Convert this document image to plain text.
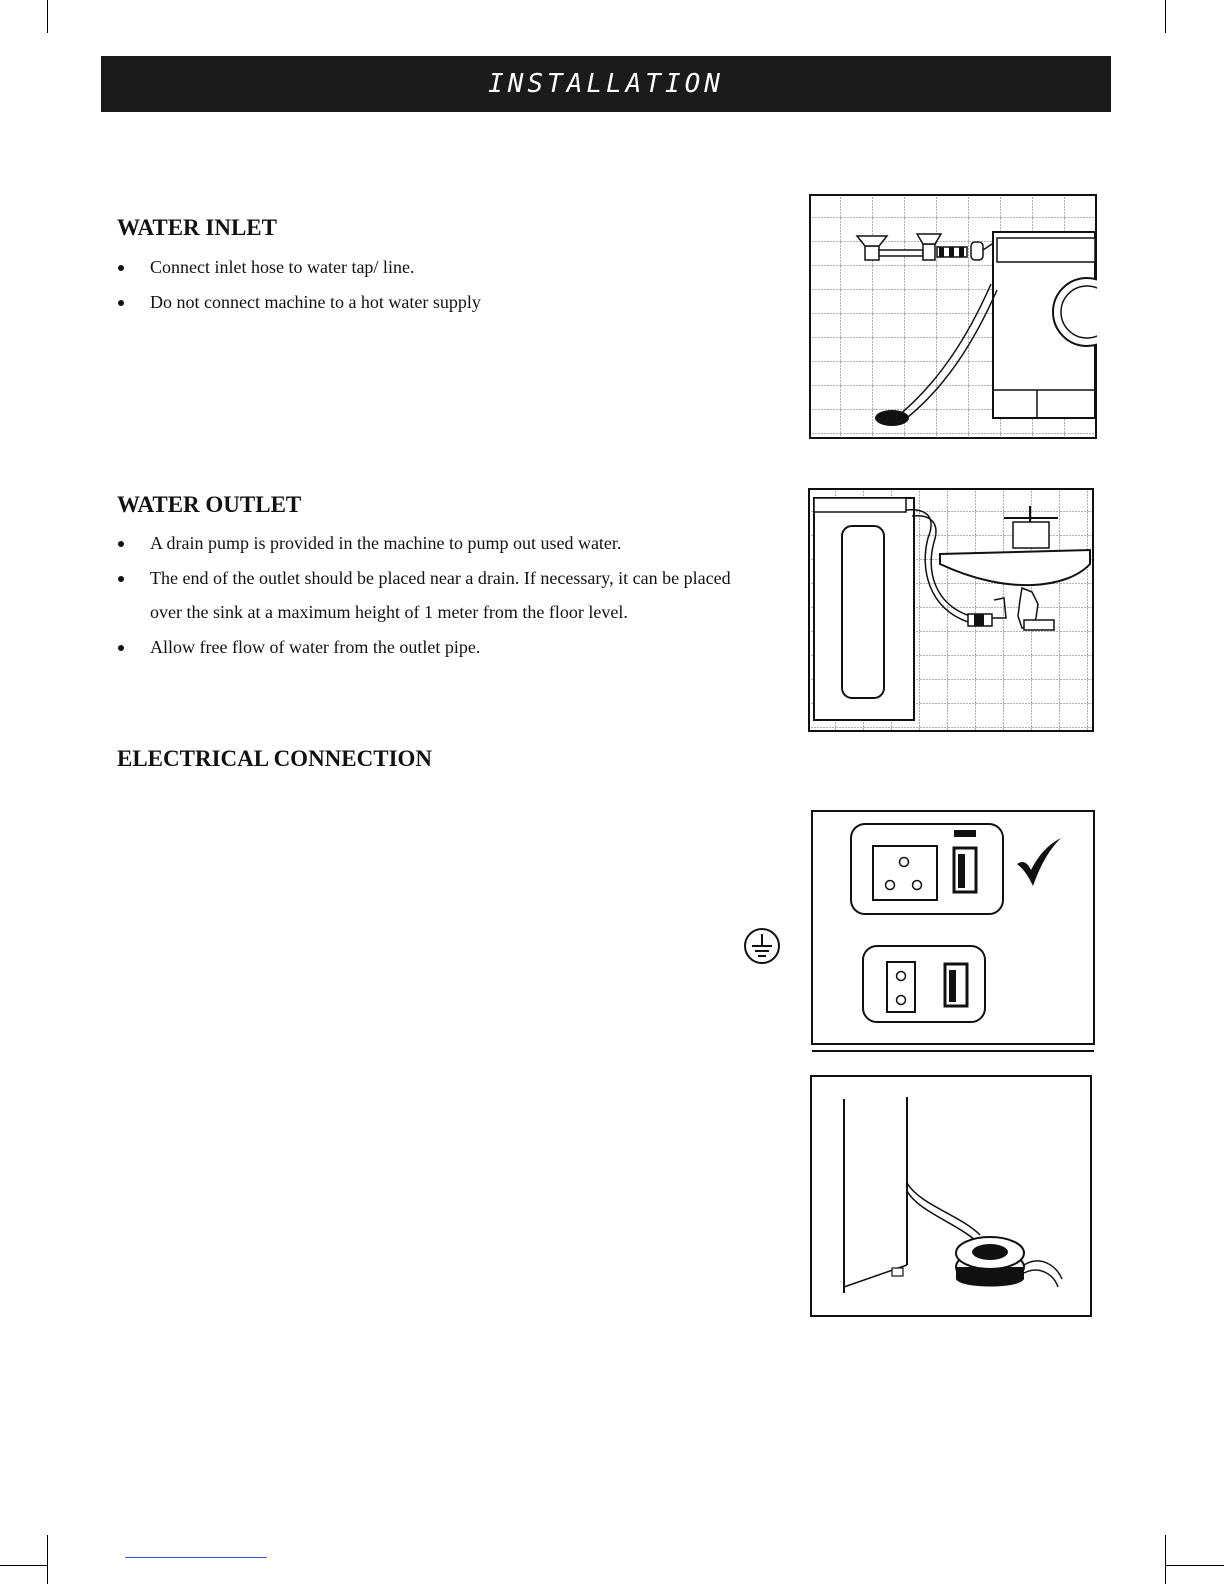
INSTALLATION
WATER INLET
Connect inlet hose to water tap/ line.
Do not connect machine to a hot water supply
WATER OUTLET
A drain pump is provided in the machine to pump out used water.
The end of the outlet should be placed near a drain. If necessary, it can be placed over the sink at a maximum height of 1 meter from the floor level.
Allow free flow of water from the outlet pipe.
ELECTRICAL CONNECTION
